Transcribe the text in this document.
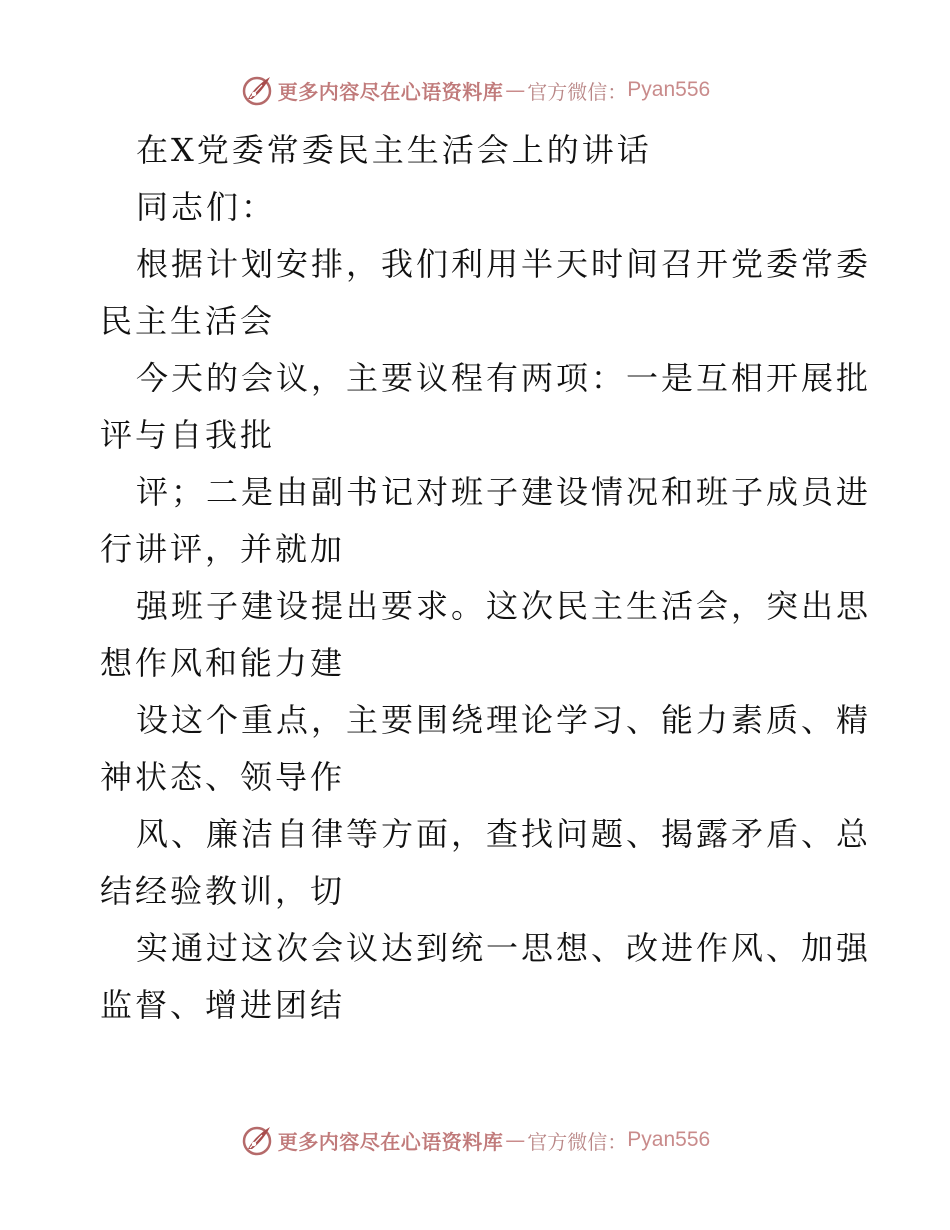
更多内容尽在心语资料库 — 官方微信： Pyan556
在X党委常委民主生活会上的讲话
同志们：
根据计划安排，我们利用半天时间召开党委常委
民主生活会
今天的会议，主要议程有两项：一是互相开展批
评与自我批
评；二是由副书记对班子建设情况和班子成员进
行讲评，并就加
强班子建设提出要求。这次民主生活会，突出思
想作风和能力建
设这个重点，主要围绕理论学习、能力素质、精
神状态、领导作
风、廉洁自律等方面，查找问题、揭露矛盾、总
结经验教训，切
实通过这次会议达到统一思想、改进作风、加强
监督、增进团结
更多内容尽在心语资料库 — 官方微信： Pyan556
